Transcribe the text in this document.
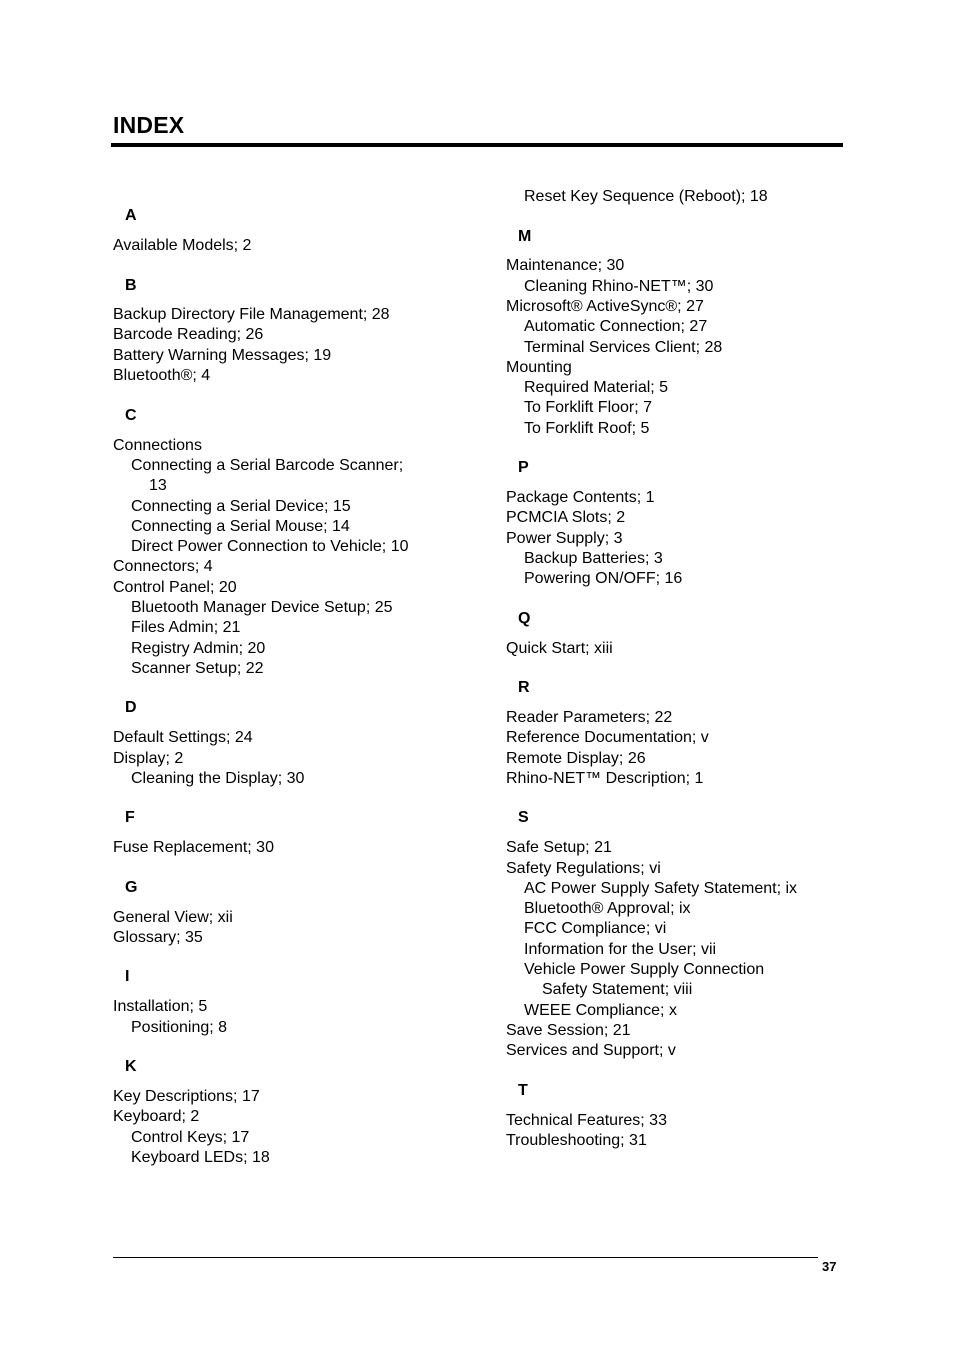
INDEX
A
Available Models; 2
B
Backup Directory File Management; 28
Barcode Reading; 26
Battery Warning Messages; 19
Bluetooth®; 4
C
Connections
Connecting a Serial Barcode Scanner;
13
Connecting a Serial Device; 15
Connecting a Serial Mouse; 14
Direct Power Connection to Vehicle; 10
Connectors; 4
Control Panel; 20
Bluetooth Manager Device Setup; 25
Files Admin; 21
Registry Admin; 20
Scanner Setup; 22
D
Default Settings; 24
Display; 2
Cleaning the Display; 30
F
Fuse Replacement; 30
G
General View; xii
Glossary; 35
I
Installation; 5
Positioning; 8
K
Key Descriptions; 17
Keyboard; 2
Control Keys; 17
Keyboard LEDs; 18
Reset Key Sequence (Reboot); 18
M
Maintenance; 30
Cleaning Rhino-NET™; 30
Microsoft® ActiveSync®; 27
Automatic Connection; 27
Terminal Services Client; 28
Mounting
Required Material; 5
To Forklift Floor; 7
To Forklift Roof; 5
P
Package Contents; 1
PCMCIA Slots; 2
Power Supply; 3
Backup Batteries; 3
Powering ON/OFF; 16
Q
Quick Start; xiii
R
Reader Parameters; 22
Reference Documentation; v
Remote Display; 26
Rhino-NET™ Description; 1
S
Safe Setup; 21
Safety Regulations; vi
AC Power Supply Safety Statement; ix
Bluetooth® Approval; ix
FCC Compliance; vi
Information for the User; vii
Vehicle Power Supply Connection
Safety Statement; viii
WEEE Compliance; x
Save Session; 21
Services and Support; v
T
Technical Features; 33
Troubleshooting; 31
37
